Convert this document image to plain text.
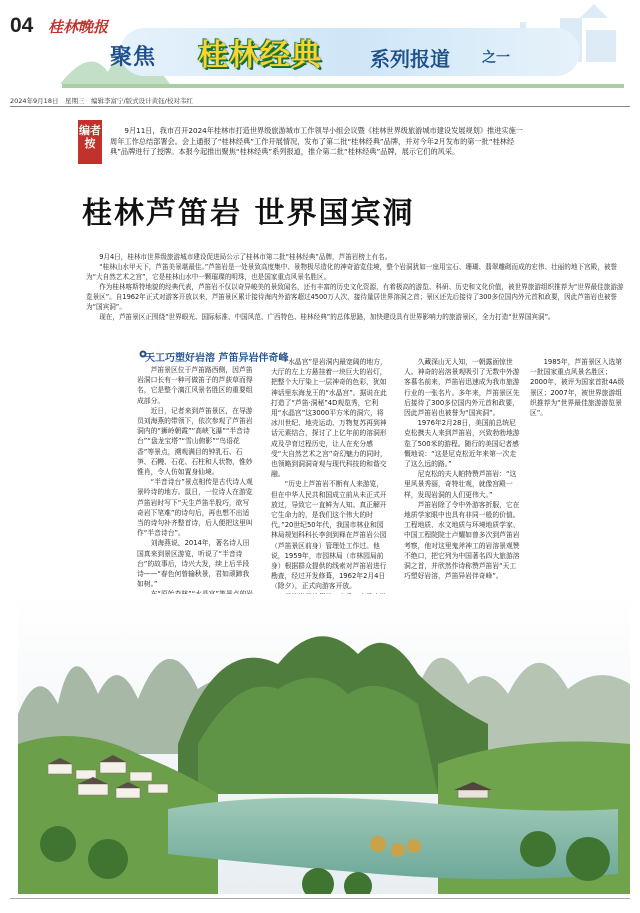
04 桂林晚报
聚焦 桂林经典 系列报道 之一
2024年9月18日　星期三　编辑李富宁/版式设计黄钰/校对韦红
编者按
9月11日，我市召开2024年桂林市打造世界级旅游城市工作领导小组会议暨《桂林世界级旅游城市建设发展规划》推进实施一周年工作总结部署会。会上通报了“桂林经典”工作开展情况，发布了第二批“桂林经典”品牌，并对今年2月发布的第一批“桂林经典”品牌进行了授牌。本报今起推出聚焦“桂林经典”系列报道，推介第二批“桂林经典”品牌，展示它们的风采。
桂林芦笛岩 世界国宾洞

9月4日，桂林市世界级旅游城市建设促进局公示了桂林市第二批“桂林经典”品牌，芦笛岩榜上有名。

“桂林山水甲天下，芦笛美景堪最佳。”芦笛岩是一处景致高度集中、景物极尽造化的神奇游览佳境，整个岩洞犹如一座用宝石、珊瑚、翡翠雕砌而成的宏伟、壮丽的地下宫殿，被誉为“大自然艺术之宫”，它是桂林山水中一颗璀璨的明珠，也是国家重点风景名胜区。

作为桂林喀斯特地貌的经典代表，芦笛岩不仅以奇异峻美的景致闻名，还有丰富的历史文化资源，有着极高的游览、科研、历史和文化价值，被世界旅游组织推荐为“世界最佳旅游游览景区”。自1962年正式对游客开放以来，芦笛景区累计接待海内外游客超过4500万人次，接待量居世界溶洞之首；景区还先后接待了300多位国内外元首和政要，因此芦笛岩也被誉为“国宾洞”。

现在，芦笛景区正围绕“世界眼光、国际标准、中国风范、广西特色、桂林经典”的总体思路，加快建设具有世界影响力的旅游景区，全力打造“世界国宾洞”。

天工巧塑好岩溶 芦笛异岩伴奇峰

芦笛景区位于芦笛路西侧，因芦笛岩洞口长有一种可做笛子的芦荻草而得名，它是整个漓江风景名胜区的重要组成部分。

近日，记者来到芦笛景区，在导游员刘海燕的带领下，依次参观了芦笛岩洞内的“狮岭朝霞”“高峡飞瀑”“半音诗台”“盘龙宝塔”“雪山俯影”“鸟语花香”等景点，溯观满目的钟乳石、石笋、石幔、石花、石柱和人状物，惟妙惟肖，令人仿如置身仙境。

“半音诗台”景点相传是古代诗人观景吟诗的地方。鼠日，一位诗人在游览芦笛岩时写下“天生芦笛半股巧，欲写奇岩下笔难”的诗句后，再也想不出适当的诗句补齐整首诗，后人便把这里叫作“半音诗台”。

刘海燕说，2014年，著名诗人田国真来到景区游览，听说了“半音诗台”的故事后，诗兴大发，续上后半段诗——“春色何曾输秋景，君如顽蹄我如树。”

“水晶宫”是岩洞内最宽阔的地方，大厅的左上方悬挂着一块巨大的岩灯，把整个大厅染上一层神奇的色彩，犹如神话里东海龙王的“水晶宫”。据说在此打造了“芦笛·洞秘”4D观览秀，它利用“水晶宫”这3000平方米的洞穴，将冰川世纪、地壳运动、万物复苏再到神话元素结合，探讨了上亿年前的溶洞形成及孕育过程历史，让人在充分感受“大自然艺术之宫”奇幻魅力的同时，也领略到洞洞奇观与现代科技的和谐交融。

“历史上芦笛岩不断有人来游览，但在中华人民共和国成立前从未正式开放过，导致它一直鲜为人知。真正解开它生命力的，是我们这个伟大的时代。”20世纪50年代，我国市林业和园林局规划科科长李剑到释在芦笛岩公园（芦笛景区前身）管理处工作过。他说，1959年，市园林局（市林园局前身）根据群众提供的线索对芦笛岩进行勘查，经过开发修葺，1962年2月4日（除夕），正式向游客开放。

久藏深山无人知，一朝露面惊世人。神奇的岩溶景观吸引了无数中外游客慕名前来，芦笛岩迅速成为我市旅游行业的一张名片。多年来，芦笛景区先后接待了300多位国内外元首和政要，因此芦笛岩也被誉为“国宾洞”。

1976年2月28日，美国前总统尼克松携夫人来到芦笛岩，兴致勃勃地游览了500米的游程。随行的美国记者感慨地说：“这是尼克松近年来第一次走了这么远的路。”

尼克松的夫人帕特赞芦笛岩：“这里风景秀丽，奇特壮观，就像宫殿一样，发现岩洞的人们更伟大。”

芦笛岩除了令中外游客折服，它在地质学家眼中也具有非同一般的价值。工程地质、水文地质与环境地质学家、中国工程院院士卢耀如曾多次到芦笛岩考察，他对这里鬼斧神工的岩溶景观赞不绝口，把它列为中国著名四大旅游溶洞之首，并欣然作诗称赞芦笛岩“天工巧塑好岩溶，芦笛异岩伴奇峰”。

1985年，芦笛景区入选第一批国家重点风景名胜区；2000年，被评为国家首批4A级景区；2007年，被世界旅游组织推荐为“世界最佳旅游游览景区”。
